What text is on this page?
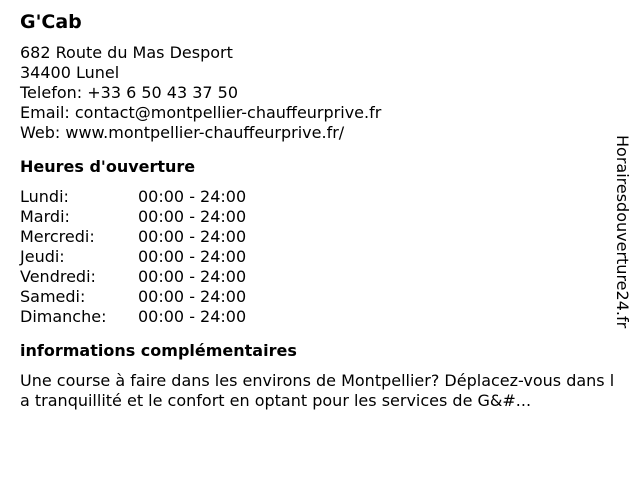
G'Cab
682 Route du Mas Desport
34400 Lunel
Telefon: +33 6 50 43 37 50
Email: contact@montpellier-chauffeurprive.fr
Web: www.montpellier-chauffeurprive.fr/
Heures d'ouverture
Lundi:	00:00 - 24:00
Mardi:	00:00 - 24:00
Mercredi:	00:00 - 24:00
Jeudi:	00:00 - 24:00
Vendredi:	00:00 - 24:00
Samedi:	00:00 - 24:00
Dimanche:	00:00 - 24:00
informations complémentaires
Une course à faire dans les environs de Montpellier? Déplacez-vous dans la tranquillité et le confort en optant pour les services de G&#...
Horairesdouverture24.fr
